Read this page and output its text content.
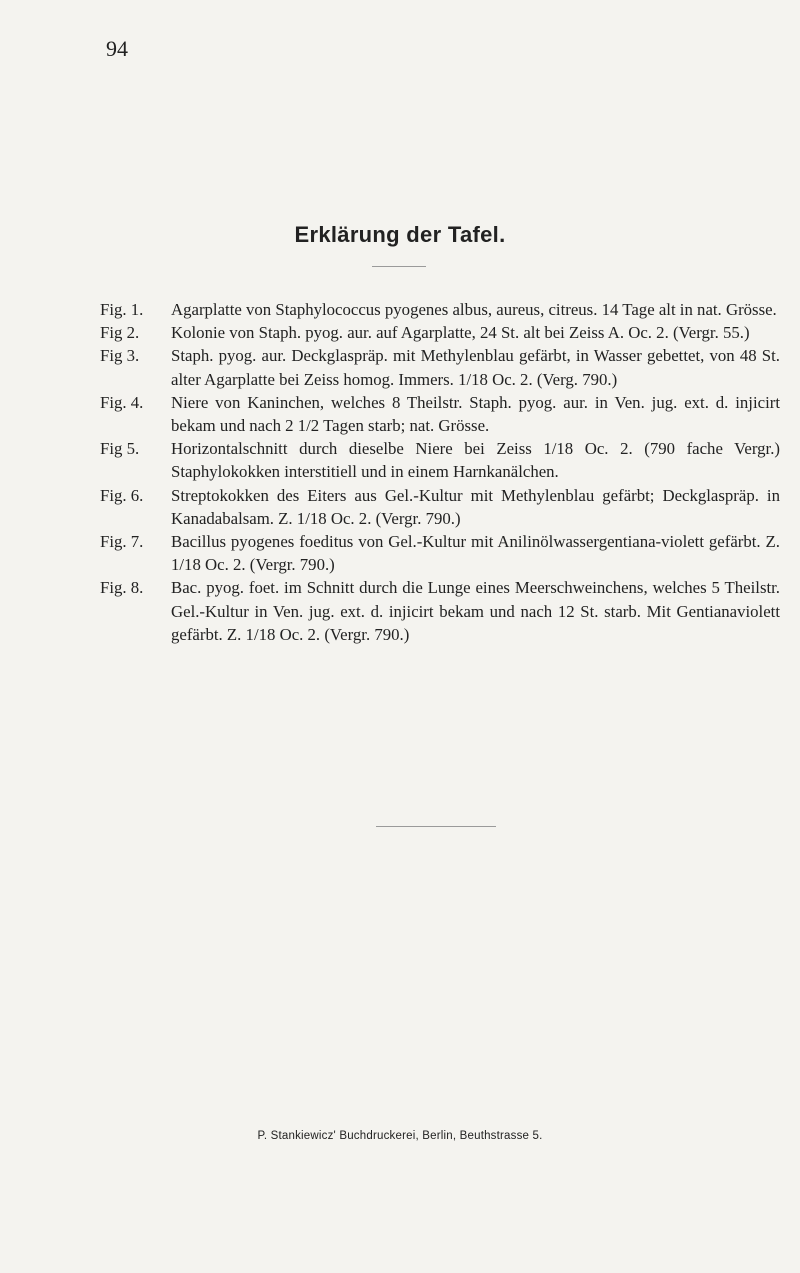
94
Erklärung der Tafel.
Fig. 1.	Agarplatte von Staphylococcus pyogenes albus, aureus, citreus. 14 Tage alt in nat. Grösse.
Fig 2.	Kolonie von Staph. pyog. aur. auf Agarplatte, 24 St. alt bei Zeiss A. Oc. 2. (Vergr. 55.)
Fig 3.	Staph. pyog. aur. Deckglaspräp. mit Methylenblau gefärbt, in Wasser gebettet, von 48 St. alter Agarplatte bei Zeiss homog. Immers. 1/18 Oc. 2. (Verg. 790.)
Fig. 4.	Niere von Kaninchen, welches 8 Theilstr. Staph. pyog. aur. in Ven. jug. ext. d. injicirt bekam und nach 2 1/2 Tagen starb; nat. Grösse.
Fig 5.	Horizontalschnitt durch dieselbe Niere bei Zeiss 1/18 Oc. 2. (790 fache Vergr.) Staphylokokken interstitiell und in einem Harnkanälchen.
Fig. 6.	Streptokokken des Eiters aus Gel.-Kultur mit Methylenblau gefärbt; Deckglaspräp. in Kanadabalsam. Z. 1/18 Oc. 2. (Vergr. 790.)
Fig. 7.	Bacillus pyogenes foeditus von Gel.-Kultur mit Anilinölwassergentiana-violett gefärbt. Z. 1/18 Oc. 2. (Vergr. 790.)
Fig. 8.	Bac. pyog. foet. im Schnitt durch die Lunge eines Meerschweinchens, welches 5 Theilstr. Gel.-Kultur in Ven. jug. ext. d. injicirt bekam und nach 12 St. starb. Mit Gentianaviolett gefärbt. Z. 1/18 Oc. 2. (Vergr. 790.)
P. Stankiewicz' Buchdruckerei, Berlin, Beuthstrasse 5.
